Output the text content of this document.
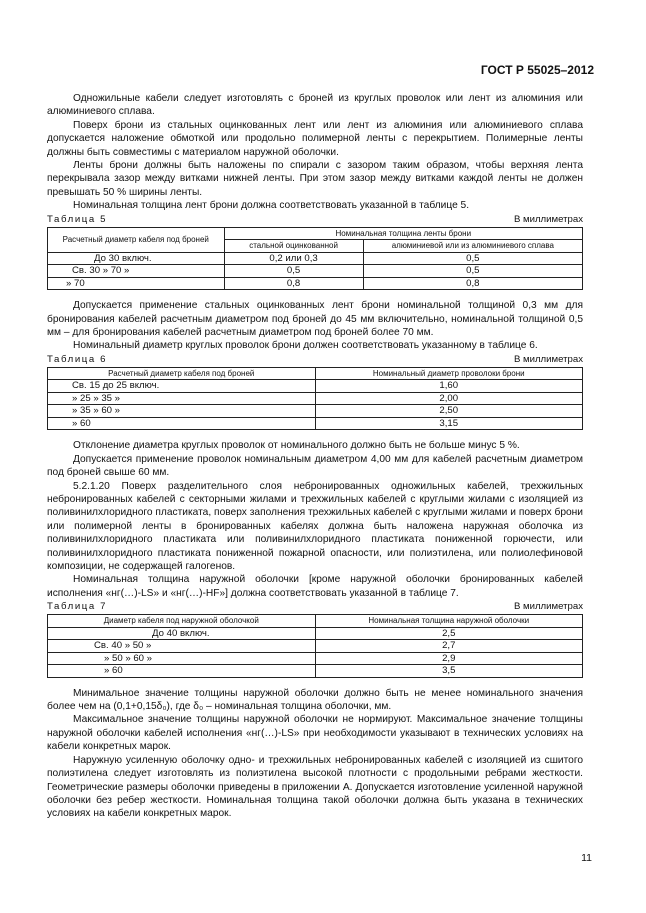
ГОСТ Р 55025–2012

Одножильные кабели следует изготовлять с броней из круглых проволок или лент из алюминия или алюминиевого сплава.

Поверх брони из стальных оцинкованных лент или лент из алюминия или алюминиевого сплава допускается наложение обмоткой или продольно полимерной ленты с перекрытием. Полимерные ленты должны быть совместимы с материалом наружной оболочки.

Ленты брони должны быть наложены по спирали с зазором таким образом, чтобы верхняя лента перекрывала зазор между витками нижней ленты. При этом зазор между витками каждой ленты не должен превышать 50 % ширины ленты.

Номинальная толщина лент брони должна соответствовать указанной в таблице 5.

Таблица 5	В миллиметрах
Расчетный диаметр кабеля под броней	Номинальная толщина ленты брони	
	стальной оцинкованной	алюминиевой или из алюминиевого сплава
До 30 включ.	0,2 или 0,3	0,5
Св. 30 » 70 »	0,5	0,5
» 70	0,8	0,8

Допускается применение стальных оцинкованных лент брони номинальной толщиной 0,3 мм для бронирования кабелей расчетным диаметром под броней до 45 мм включительно, номинальной толщиной 0,5 мм – для бронирования кабелей расчетным диаметром под броней более 70 мм.

Номинальный диаметр круглых проволок брони должен соответствовать указанному в таблице 6.

Таблица 6	В миллиметрах
Расчетный диаметр кабеля под броней	Номинальный диаметр проволоки брони
Св. 15 до 25 включ.	1,60
» 25 » 35 »	2,00
» 35 » 60 »	2,50
» 60	3,15

Отклонение диаметра круглых проволок от номинального должно быть не больше минус 5 %.

Допускается применение проволок номинальным диаметром 4,00 мм для кабелей расчетным диаметром под броней свыше 60 мм.

5.2.1.20 Поверх разделительного слоя небронированных одножильных кабелей, трехжильных небронированных кабелей с секторными жилами и трехжильных кабелей с круглыми жилами с изоляцией из поливинилхлоридного пластиката, поверх заполнения трехжильных кабелей с круглыми жилами и поверх брони или полимерной ленты в бронированных кабелях должна быть наложена наружная оболочка из поливинилхлоридного пластиката или поливинилхлоридного пластиката пониженной горючести, или поливинилхлоридного пластиката пониженной пожарной опасности, или полиэтилена, или полиолефиновой композиции, не содержащей галогенов.

Номинальная толщина наружной оболочки [кроме наружной оболочки бронированных кабелей исполнения «нг(…)-LS» и «нг(…)-HF»] должна соответствовать указанной в таблице 7.

Таблица 7	В миллиметрах
Диаметр кабеля под наружной оболочкой	Номинальная толщина наружной оболочки
До 40 включ.	2,5
Св. 40 » 50 »	2,7
» 50 » 60 »	2,9
» 60	3,5

Минимальное значение толщины наружной оболочки должно быть не менее номинального значения более чем на (0,1+0,15δ₀), где δ₀ – номинальная толщина оболочки, мм.

Максимальное значение толщины наружной оболочки не нормируют. Максимальное значение толщины наружной оболочки кабелей исполнения «нг(…)-LS» при необходимости указывают в технических условиях на кабели конкретных марок.

Наружную усиленную оболочку одно- и трехжильных небронированных кабелей с изоляцией из сшитого полиэтилена следует изготовлять из полиэтилена высокой плотности с продольными ребрами жесткости. Геометрические размеры оболочки приведены в приложении А. Допускается изготовление усиленной наружной оболочки без ребер жесткости. Номинальная толщина такой оболочки должна быть указана в технических условиях на кабели конкретных марок.

11
